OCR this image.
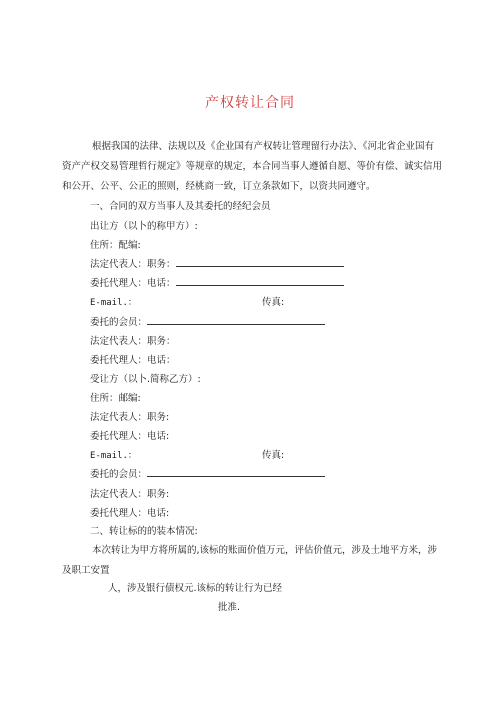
产权转让合同
根据我国的法律、法规以及《企业国有产权转让管理留行办法》、《河北省企业国有资产产权交易管理哲行规定》等规章的规定，本合同当事人遵循自愿、等价有偿、诚实信用和公开、公平、公正的照则，经桃商一致，订立条款如下，以资共同遵守。
一、合同的双方当事人及其委托的经纪会员
出让方（以卜的称甲方）:
住所：配编:
法定代表人：职务：
委托代理人：电话：
E-mail.：	传真:
委托的会员：
法定代表人：职务：
委托代理人：电话：
受让方（以卜.简称乙方）:
住所：邮编:
法定代表人：职务:
委托代理人：电话:
E-mail.：	传真:
委托的会员：
法定代表人：职务:
委托代理人：电话:
二、转让标的的装本情况:
本次转让为甲方将所属的,该标的账面价值万元，评估价值元，涉及土地平方米，涉及职工安置
人，涉及银行债权元.该标的转让行为已经
批准.
